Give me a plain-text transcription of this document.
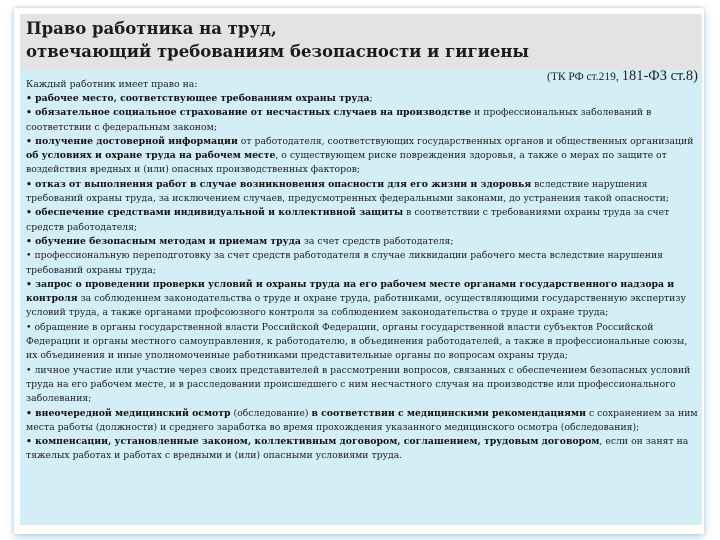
Право работника на труд,
отвечающий требованиям безопасности и гигиены
(ТК РФ ст.219, 181-ФЗ ст.8)
Каждый работник имеет право на:

• рабочее место, соответствующее требованиям охраны труда;

• обязательное социальное страхование от несчастных случаев на производстве и профессиональных заболеваний в соответствии с федеральным законом;

• получение достоверной информации от работодателя, соответствующих государственных органов и общественных организаций об условиях и охране труда на рабочем месте, о существующем риске повреждения здоровья, а также о мерах по защите от воздействия вредных и (или) опасных производственных факторов;

• отказ от выполнения работ в случае возникновения опасности для его жизни и здоровья вследствие нарушения требований охраны труда, за исключением случаев, предусмотренных федеральными законами, до устранения такой опасности;

• обеспечение средствами индивидуальной и коллективной защиты в соответствии с требованиями охраны труда за счет средств работодателя;

• обучение безопасным методам и приемам труда за счет средств работодателя;

• профессиональную переподготовку за счет средств работодателя в случае ликвидации рабочего места вследствие нарушения требований охраны труда;

• запрос о проведении проверки условий и охраны труда на его рабочем месте органами государственного надзора и контроля за соблюдением законодательства о труде и охране труда, работниками, осуществляющими государственную экспертизу условий труда, а также органами профсоюзного контроля за соблюдением законодательства о труде и охране труда;

• обращение в органы государственной власти Российской Федерации, органы государственной власти субъектов Российской Федерации и органы местного самоуправления, к работодателю, в объединения работодателей, а также в профессиональные союзы, их объединения и иные уполномоченные работниками представительные органы по вопросам охраны труда;

• личное участие или участие через своих представителей в рассмотрении вопросов, связанных с обеспечением безопасных условий труда на его рабочем месте, и в расследовании происшедшего с ним несчастного случая на производстве или профессионального заболевания;

• внеочередной медицинский осмотр (обследование) в соответствии с медицинскими рекомендациями с сохранением за ним места работы (должности) и среднего заработка во время прохождения указанного медицинского осмотра (обследования);

• компенсации, установленные законом, коллективным договором, соглашением, трудовым договором, если он занят на тяжелых работах и работах с вредными и (или) опасными условиями труда.
